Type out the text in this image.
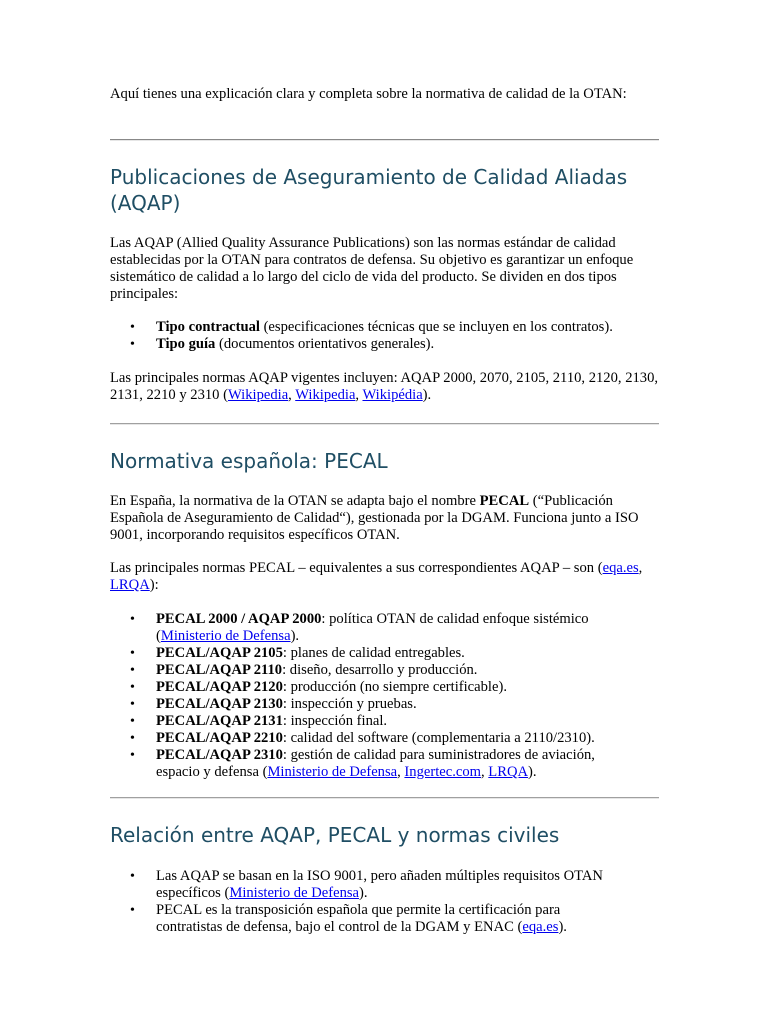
Aquí tienes una explicación clara y completa sobre la normativa de calidad de la OTAN:

Publicaciones de Aseguramiento de Calidad Aliadas (AQAP)

Las AQAP (Allied Quality Assurance Publications) son las normas estándar de calidad establecidas por la OTAN para contratos de defensa. Su objetivo es garantizar un enfoque sistemático de calidad a lo largo del ciclo de vida del producto. Se dividen en dos tipos principales:

• Tipo contractual (especificaciones técnicas que se incluyen en los contratos).
• Tipo guía (documentos orientativos generales).

Las principales normas AQAP vigentes incluyen: AQAP 2000, 2070, 2105, 2110, 2120, 2130, 2131, 2210 y 2310 (Wikipedia, Wikipedia, Wikipédia).

Normativa española: PECAL

En España, la normativa de la OTAN se adapta bajo el nombre PECAL (“Publicación Española de Aseguramiento de Calidad“), gestionada por la DGAM. Funciona junto a ISO 9001, incorporando requisitos específicos OTAN.

Las principales normas PECAL – equivalentes a sus correspondientes AQAP – son (eqa.es, LRQA):

• PECAL 2000 / AQAP 2000: política OTAN de calidad enfoque sistémico (Ministerio de Defensa).
• PECAL/AQAP 2105: planes de calidad entregables.
• PECAL/AQAP 2110: diseño, desarrollo y producción.
• PECAL/AQAP 2120: producción (no siempre certificable).
• PECAL/AQAP 2130: inspección y pruebas.
• PECAL/AQAP 2131: inspección final.
• PECAL/AQAP 2210: calidad del software (complementaria a 2110/2310).
• PECAL/AQAP 2310: gestión de calidad para suministradores de aviación, espacio y defensa (Ministerio de Defensa, Ingertec.com, LRQA).
Relación entre AQAP, PECAL y normas civiles
• Las AQAP se basan en la ISO 9001, pero añaden múltiples requisitos OTAN específicos (Ministerio de Defensa).
• PECAL es la transposición española que permite la certificación para contratistas de defensa, bajo el control de la DGAM y ENAC (eqa.es).
